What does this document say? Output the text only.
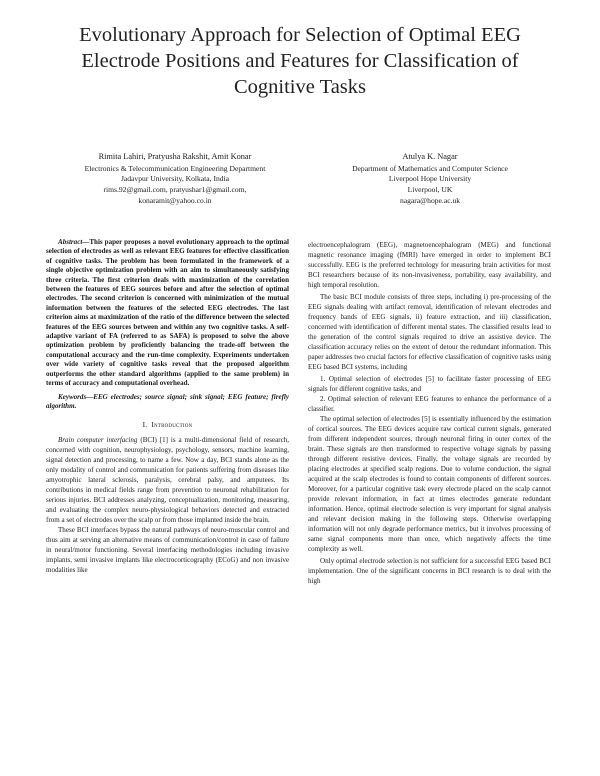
Evolutionary Approach for Selection of Optimal EEG Electrode Positions and Features for Classification of Cognitive Tasks
Rimita Lahiri, Pratyusha Rakshit, Amit Konar
Electronics & Telecommunication Engineering Department
Jadavpur University, Kolkata, India
rims.92@gmail.com, pratyushar1@gmail.com,
konaramit@yahoo.co.in
Atulya K. Nagar
Department of Mathematics and Computer Science
Liverpool Hope University
Liverpool, UK
nagara@hope.ac.uk

Abstract—This paper proposes a novel evolutionary approach to the optimal selection of electrodes as well as relevant EEG features for effective classification of cognitive tasks. The problem has been formulated in the framework of a single objective optimization problem with an aim to simultaneously satisfying three criteria. The first criterion deals with maximization of the correlation between the features of EEG sources before and after the selection of optimal electrodes. The second criterion is concerned with minimization of the mutual information between the features of the selected EEG electrodes. The last criterion aims at maximization of the ratio of the difference between the selected features of the EEG sources between and within any two cognitive tasks. A self-adaptive variant of FA (referred to as SAFA) is proposed to solve the above optimization problem by proficiently balancing the trade-off between the computational accuracy and the run-time complexity. Experiments undertaken over wide variety of cognitive tasks reveal that the proposed algorithm outperforms the other standard algorithms (applied to the same problem) in terms of accuracy and computational overhead.

Keywords—EEG electrodes; source signal; sink signal; EEG feature; firefly algorithm.

I. Introduction

Brain computer interfacing (BCI) [1] is a multi-dimensional field of research, concerned with cognition, neurophysiology, psychology, sensors, machine learning, signal detection and processing, to name a few. Now a day, BCI stands alone as the only modality of control and communication for patients suffering from diseases like amyotrophic lateral sclerosis, paralysis, cerebral palsy, and amputees. Its contributions in medical fields range from prevention to neuronal rehabilitation for serious injuries. BCI addresses analyzing, conceptualization, monitoring, measuring, and evaluating the complex neuro-physiological behaviors detected and extracted from a set of electrodes over the scalp or from those implanted inside the brain.

These BCI interfaces bypass the natural pathways of neuro-muscular control and thus aim at serving an alternative means of communication/control in case of failure in neural/motor functioning. Several interfacing methodologies including invasive implants, semi invasive implants like electrocorticography (ECoG) and non invasive modalities like

electroencephalogram (EEG), magnetoencephalogram (MEG) and functional magnetic resonance imaging (fMRI) have emerged in order to implement BCI successfully. EEG is the preferred technology for measuring brain activities for most BCI researchers because of its non-invasiveness, portability, easy availability, and high temporal resolution.

The basic BCI module consists of three steps, including i) pre-processing of the EEG signals dealing with artifact removal, identification of relevant electrodes and frequency bands of EEG signals, ii) feature extraction, and iii) classification, concerned with identification of different mental states. The classified results lead to the generation of the control signals required to drive an assistive device. The classification accuracy relies on the extent of detour the redundant information. This paper addresses two crucial factors for effective classification of cognitive tasks using EEG based BCI systems, including

1. Optimal selection of electrodes [5] to facilitate faster processing of EEG signals for different cognitive tasks, and

2. Optimal selection of relevant EEG features to enhance the performance of a classifier.

The optimal selection of electrodes [5] is essentially influenced by the estimation of cortical sources. The EEG devices acquire raw cortical current signals, generated from different independent sources, through neuronal firing in outer cortex of the brain. These signals are then transformed to respective voltage signals by passing through different resistive devices. Finally, the voltage signals are recorded by placing electrodes at specified scalp regions. Due to volume conduction, the signal acquired at the scalp electrodes is found to contain components of different sources. Moreover, for a particular cognitive task every electrode placed on the scalp cannot provide relevant information, in fact at times electrodes generate redundant information. Hence, optimal electrode selection is very important for signal analysis and relevant decision making in the following steps. Otherwise overlapping information will not only degrade performance metrics, but it involves processing of same signal components more than once, which negatively affects the time complexity as well.

Only optimal electrode selection is not sufficient for a successful EEG based BCI implementation. One of the significant concerns in BCI research is to deal with the high
